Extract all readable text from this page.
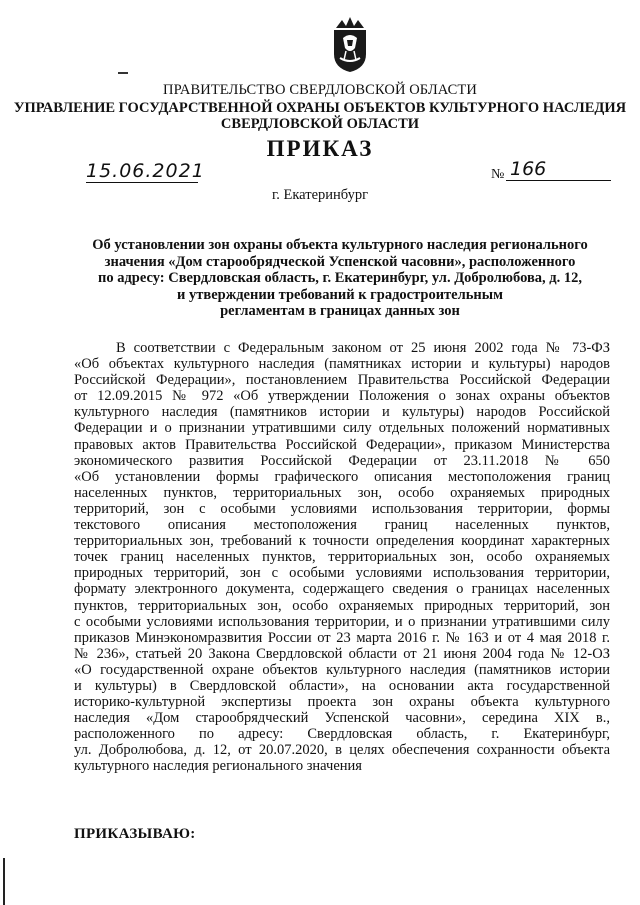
ПРАВИТЕЛЬСТВО СВЕРДЛОВСКОЙ ОБЛАСТИ
УПРАВЛЕНИЕ ГОСУДАРСТВЕННОЙ ОХРАНЫ ОБЪЕКТОВ КУЛЬТУРНОГО НАСЛЕДИЯ
СВЕРДЛОВСКОЙ ОБЛАСТИ
ПРИКАЗ
15.06.2021	№ 166
г. Екатеринбург
Об установлении зон охраны объекта культурного наследия регионального
значения «Дом старообрядческой Успенской часовни», расположенного
по адресу: Свердловская область, г. Екатеринбург, ул. Добролюбова, д. 12,
и утверждении требований к градостроительным
регламентам в границах данных зон
В соответствии с Федеральным законом от 25 июня 2002 года № 73-ФЗ
«Об объектах культурного наследия (памятниках истории и культуры) народов
Российской Федерации», постановлением Правительства Российской Федерации
от 12.09.2015 № 972 «Об утверждении Положения о зонах охраны объектов
культурного наследия (памятников истории и культуры) народов Российской
Федерации и о признании утратившими силу отдельных положений нормативных
правовых актов Правительства Российской Федерации», приказом Министерства
экономического развития Российской Федерации от 23.11.2018 № 650
«Об установлении формы графического описания местоположения границ
населенных пунктов, территориальных зон, особо охраняемых природных
территорий, зон с особыми условиями использования территории, формы
текстового описания местоположения границ населенных пунктов,
территориальных зон, требований к точности определения координат характерных
точек границ населенных пунктов, территориальных зон, особо охраняемых
природных территорий, зон с особыми условиями использования территории,
формату электронного документа, содержащего сведения о границах населенных
пунктов, территориальных зон, особо охраняемых природных территорий, зон
с особыми условиями использования территории, и о признании утратившими силу
приказов Минэкономразвития России от 23 марта 2016 г. № 163 и от 4 мая 2018 г.
№ 236», статьей 20 Закона Свердловской области от 21 июня 2004 года № 12-ОЗ
«О государственной охране объектов культурного наследия (памятников истории
и культуры) в Свердловской области», на основании акта государственной
историко-культурной экспертизы проекта зон охраны объекта культурного
наследия «Дом старообрядческий Успенской часовни», середина XIX в.,
расположенного по адресу: Свердловская область, г. Екатеринбург,
ул. Добролюбова, д. 12, от 20.07.2020, в целях обеспечения сохранности объекта
культурного наследия регионального значения
ПРИКАЗЫВАЮ:
